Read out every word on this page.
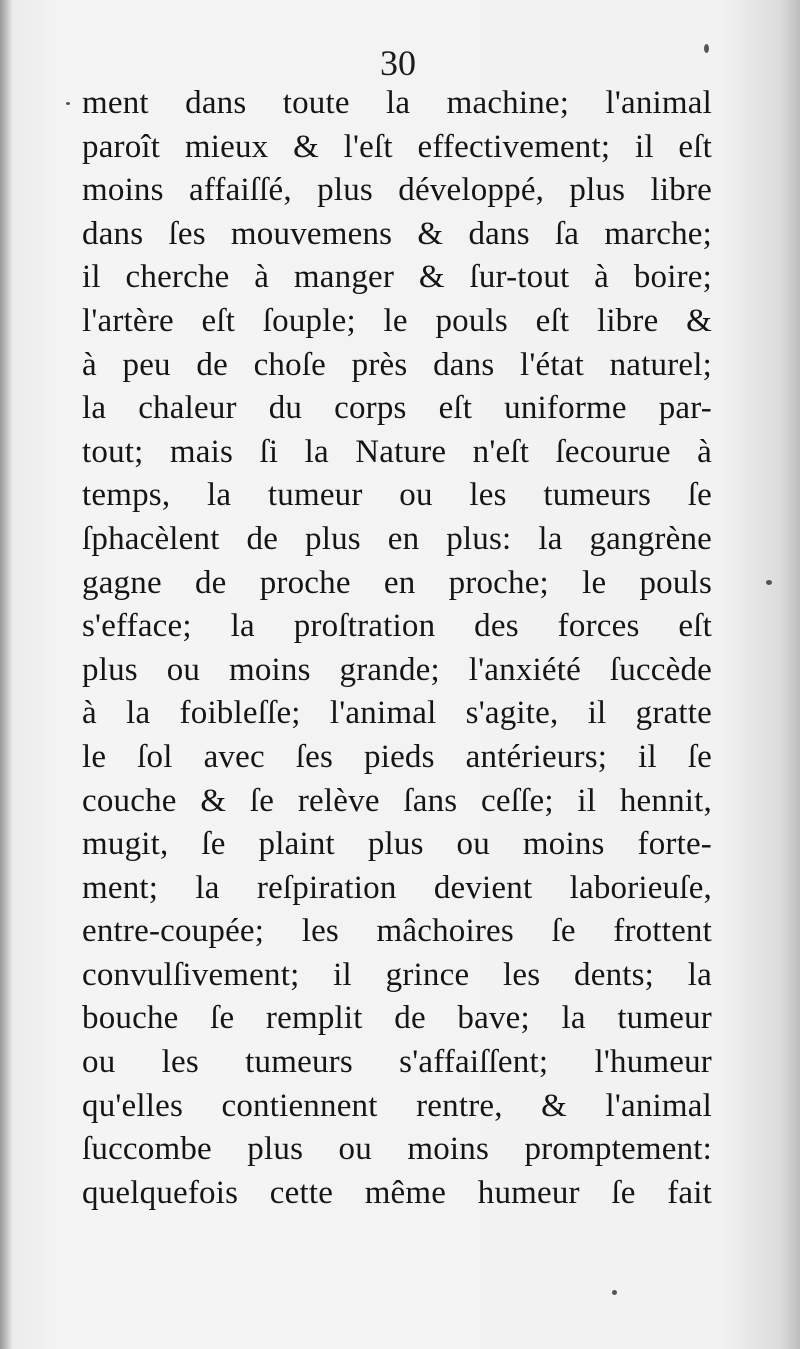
30
ment dans toute la machine; l'animal
paroît mieux & l'eſt effectivement; il eſt
moins affaiſſé, plus développé, plus libre
dans ſes mouvemens & dans ſa marche;
il cherche à manger & ſur-tout à boire;
l'artère eſt ſouple; le pouls eſt libre &
à peu de choſe près dans l'état naturel;
la chaleur du corps eſt uniforme par-
tout; mais ſi la Nature n'eſt ſecourue à
temps, la tumeur ou les tumeurs ſe
ſphacèlent de plus en plus: la gangrène
gagne de proche en proche; le pouls
s'efface; la proſtration des forces eſt
plus ou moins grande; l'anxiété ſuccède
à la foibleſſe; l'animal s'agite, il gratte
le ſol avec ſes pieds antérieurs; il ſe
couche & ſe relève ſans ceſſe; il hennit,
mugit, ſe plaint plus ou moins forte-
ment; la reſpiration devient laborieuſe,
entre-coupée; les mâchoires ſe frottent
convulſivement; il grince les dents; la
bouche ſe remplit de bave; la tumeur
ou les tumeurs s'affaiſſent; l'humeur
qu'elles contiennent rentre, & l'animal
ſuccombe plus ou moins promptement:
quelquefois cette même humeur ſe fait
